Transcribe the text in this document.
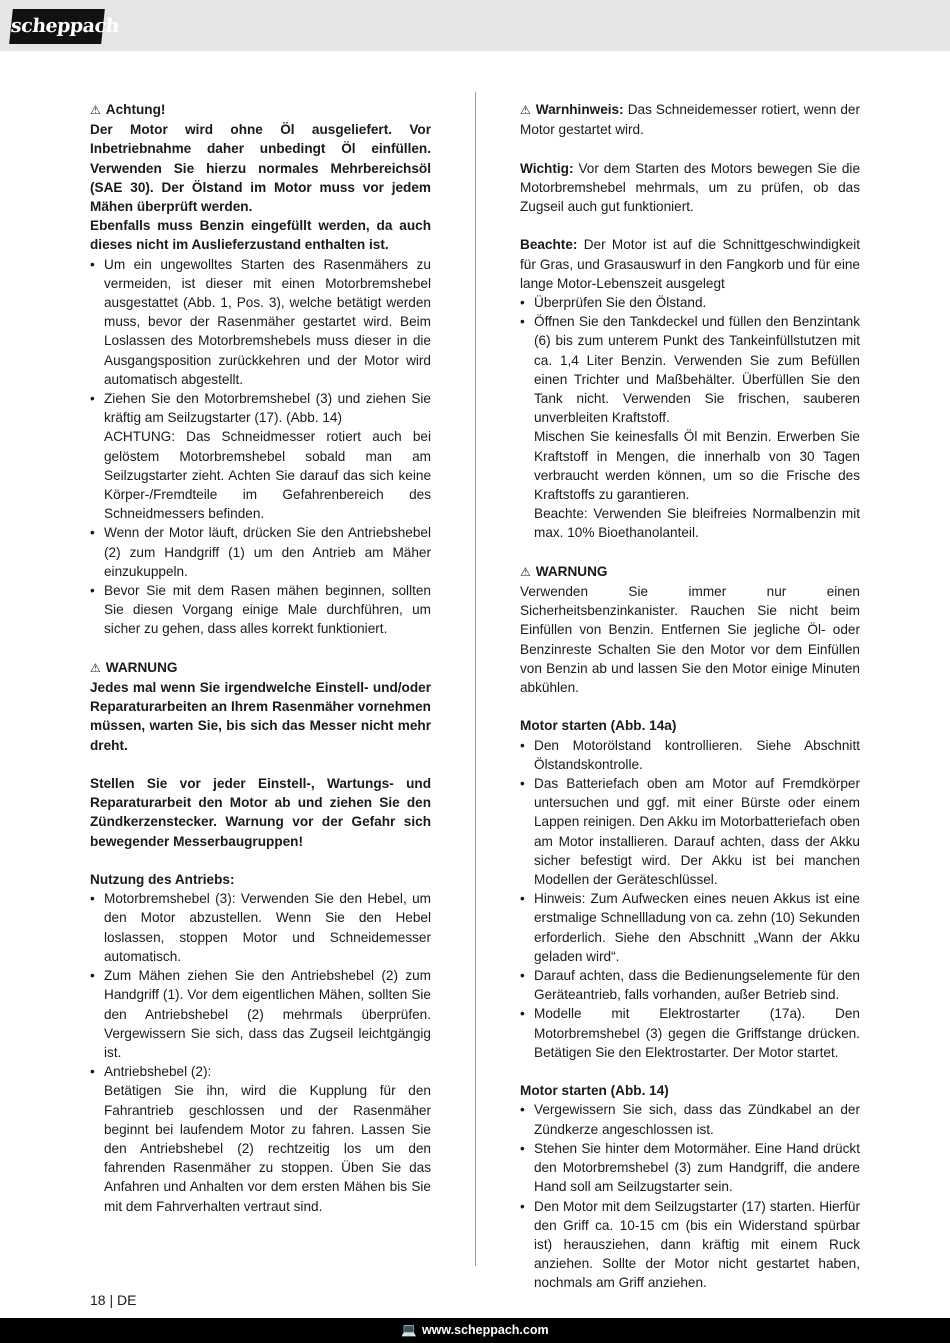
scheppach
⚠ Achtung!

Der Motor wird ohne Öl ausgeliefert. Vor Inbetriebnahme daher unbedingt Öl einfüllen. Verwenden Sie hierzu normales Mehrbereichsöl (SAE 30). Der Ölstand im Motor muss vor jedem Mähen überprüft werden.

Ebenfalls muss Benzin eingefüllt werden, da auch dieses nicht im Auslieferzustand enthalten ist.

• Um ein ungewolltes Starten des Rasenmähers zu vermeiden, ist dieser mit einen Motorbremshebel ausgestattet (Abb. 1, Pos. 3), welche betätigt werden muss, bevor der Rasenmäher gestartet wird. Beim Loslassen des Motorbremshebels muss dieser in die Ausgangsposition zurückkehren und der Motor wird automatisch abgestellt.
• Ziehen Sie den Motorbremshebel (3) und ziehen Sie kräftig am Seilzugstarter (17). (Abb. 14)
ACHTUNG: Das Schneidmesser rotiert auch bei gelöstem Motorbremshebel sobald man am Seilzugstarter zieht. Achten Sie darauf das sich keine Körper-/Fremdteile im Gefahrenbereich des Schneidmessers befinden.
• Wenn der Motor läuft, drücken Sie den Antriebshebel (2) zum Handgriff (1) um den Antrieb am Mäher einzukuppeln.
• Bevor Sie mit dem Rasen mähen beginnen, sollten Sie diesen Vorgang einige Male durchführen, um sicher zu gehen, dass alles korrekt funktioniert.
⚠ WARNUNG

Jedes mal wenn Sie irgendwelche Einstell- und/oder Reparaturarbeiten an Ihrem Rasenmäher vornehmen müssen, warten Sie, bis sich das Messer nicht mehr dreht.

Stellen Sie vor jeder Einstell-, Wartungs- und Reparaturarbeit den Motor ab und ziehen Sie den Zündkerzenstecker. Warnung vor der Gefahr sich bewegender Messerbaugruppen!

Nutzung des Antriebs:

• Motorbremshebel (3): Verwenden Sie den Hebel, um den Motor abzustellen. Wenn Sie den Hebel loslassen, stoppen Motor und Schneidemesser automatisch.
• Zum Mähen ziehen Sie den Antriebshebel (2) zum Handgriff (1). Vor dem eigentlichen Mähen, sollten Sie den Antriebshebel (2) mehrmals überprüfen. Vergewissern Sie sich, dass das Zugseil leichtgängig ist.
• Antriebshebel (2):
Betätigen Sie ihn, wird die Kupplung für den Fahrantrieb geschlossen und der Rasenmäher beginnt bei laufendem Motor zu fahren. Lassen Sie den Antriebshebel (2) rechtzeitig los um den fahrenden Rasenmäher zu stoppen. Üben Sie das Anfahren und Anhalten vor dem ersten Mähen bis Sie mit dem Fahrverhalten vertraut sind.

⚠ Warnhinweis: Das Schneidemesser rotiert, wenn der Motor gestartet wird.

Wichtig: Vor dem Starten des Motors bewegen Sie die Motorbremshebel mehrmals, um zu prüfen, ob das Zugseil auch gut funktioniert.

Beachte: Der Motor ist auf die Schnittgeschwindigkeit für Gras, und Grasauswurf in den Fangkorb und für eine lange Motor-Lebenszeit ausgelegt

• Überprüfen Sie den Ölstand.
• Öffnen Sie den Tankdeckel und füllen den Benzintank (6) bis zum unterem Punkt des Tankeinfüllstutzen mit ca. 1,4 Liter Benzin. Verwenden Sie zum Befüllen einen Trichter und Maßbehälter. Überfüllen Sie den Tank nicht. Verwenden Sie frischen, sauberen unverbleiten Kraftstoff.
Mischen Sie keinesfalls Öl mit Benzin. Erwerben Sie Kraftstoff in Mengen, die innerhalb von 30 Tagen verbraucht werden können, um so die Frische des Kraftstoffs zu garantieren.
Beachte: Verwenden Sie bleifreies Normalbenzin mit max. 10% Bioethanolanteil.
⚠ WARNUNG

Verwenden Sie immer nur einen Sicherheitsbenzinkanister. Rauchen Sie nicht beim Einfüllen von Benzin. Entfernen Sie jegliche Öl- oder Benzinreste Schalten Sie den Motor vor dem Einfüllen von Benzin ab und lassen Sie den Motor einige Minuten abkühlen.

Motor starten (Abb. 14a)

• Den Motorölstand kontrollieren. Siehe Abschnitt Ölstandskontrolle.
• Das Batteriefach oben am Motor auf Fremdkörper untersuchen und ggf. mit einer Bürste oder einem Lappen reinigen. Den Akku im Motorbatteriefach oben am Motor installieren. Darauf achten, dass der Akku sicher befestigt wird. Der Akku ist bei manchen Modellen der Geräteschlüssel.
• Hinweis: Zum Aufwecken eines neuen Akkus ist eine erstmalige Schnellladung von ca. zehn (10) Sekunden erforderlich. Siehe den Abschnitt „Wann der Akku geladen wird“.
• Darauf achten, dass die Bedienungselemente für den Geräteantrieb, falls vorhanden, außer Betrieb sind.
• Modelle mit Elektrostarter (17a). Den Motorbremshebel (3) gegen die Griffstange drücken. Betätigen Sie den Elektrostarter. Der Motor startet.

Motor starten (Abb. 14)

• Vergewissern Sie sich, dass das Zündkabel an der Zündkerze angeschlossen ist.
• Stehen Sie hinter dem Motormäher. Eine Hand drückt den Motorbremshebel (3) zum Handgriff, die andere Hand soll am Seilzugstarter sein.
• Den Motor mit dem Seilzugstarter (17) starten. Hierfür den Griff ca. 10-15 cm (bis ein Widerstand spürbar ist) herausziehen, dann kräftig mit einem Ruck anziehen. Sollte der Motor nicht gestartet haben, nochmals am Griff anziehen.
18 | DE
💻 www.scheppach.com
